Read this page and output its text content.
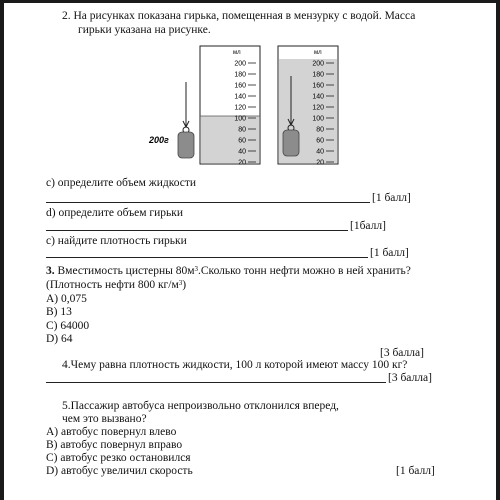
2. На рисунках показана гирька, помещенная в мензурку с водой. Масса
гирьки указана на рисунке.
200
180
160
140
120
100
80
60
40
20
мл
200г
200
180
160
140
120
100
80
60
40
20
мл
c) определите объем жидкости
[1 балл]
d) определите объем гирьки
[1балл]
с) найдите плотность гирьки
[1 балл]
3. Вместимость цистерны $80м^3.Сколько$ тонн нефти можно в ней хранить?
(Плотность нефти 800 $кг/м^3$)
A) 0,075
B) 13
C) 64000
D) 64
[3 балла]
4.Чему равна плотность жидкости, 100 л которой имеют массу 100 кг?
[3 балла]
5.Пассажир автобуса непроизвольно отклонился вперед,
чем это вызвано?
A) автобус повернул влево
B) автобус повернул вправо
C) автобус резко остановился
D) автобус увеличил скорость	[1 балл]
